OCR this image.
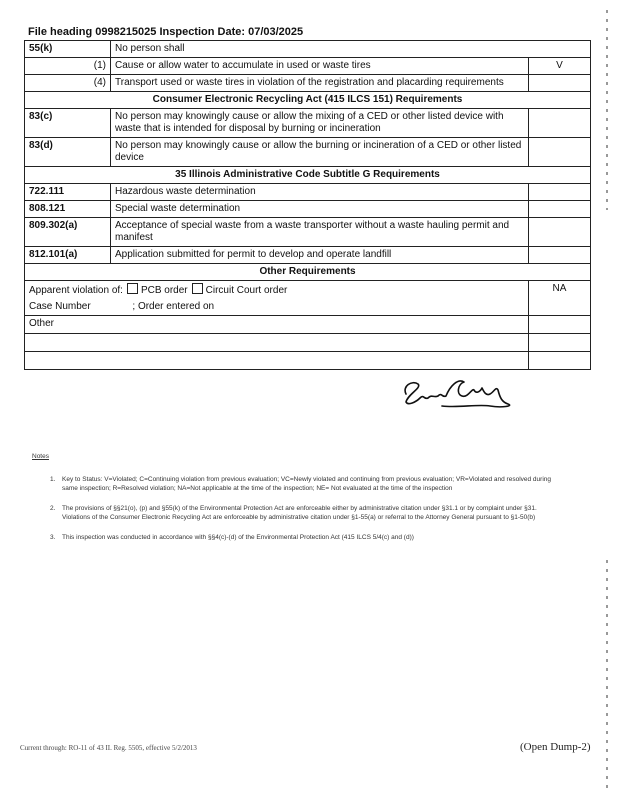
File heading 0998215025 Inspection Date: 07/03/2025
55(k)	No person shall	
(1)	Cause or allow water to accumulate in used or waste tires	V
(4)	Transport used or waste tires in violation of the registration and placarding requirements	
Consumer Electronic Recycling Act (415 ILCS 151) Requirements		
83(c)	No person may knowingly cause or allow the mixing of a CED or other listed device with waste that is intended for disposal by burning or incineration	
83(d)	No person may knowingly cause or allow the burning or incineration of a CED or other listed device	
35 Illinois Administrative Code Subtitle G Requirements		
722.111	Hazardous waste determination	
808.121	Special waste determination	
809.302(a)	Acceptance of special waste from a waste transporter without a waste hauling permit and manifest	
812.101(a)	Application submitted for permit to develop and operate landfill	
Other Requirements		
Apparent violation of: PCB order Circuit Court order		NA
Case Number ; Order entered on		
Other		

Notes
1. Key to Status: V=Violated; C=Continuing violation from previous evaluation; VC=Newly violated and continuing from previous evaluation; VR=Violated and resolved during same inspection; R=Resolved violation; NA=Not applicable at the time of the inspection; NE= Not evaluated at the time of the inspection
2. The provisions of §§21(o), (p) and §55(k) of the Environmental Protection Act are enforceable either by administrative citation under §31.1 or by complaint under §31. Violations of the Consumer Electronic Recycling Act are enforceable by administrative citation under §1-55(a) or referral to the Attorney General pursuant to §1-50(b)
3. This inspection was conducted in accordance with §§4(c)-(d) of the Environmental Protection Act (415 ILCS 5/4(c) and (d))
Current through: RO-11 of 43 II. Reg. 5505, effective 5/2/2013	(Open Dump-2)
